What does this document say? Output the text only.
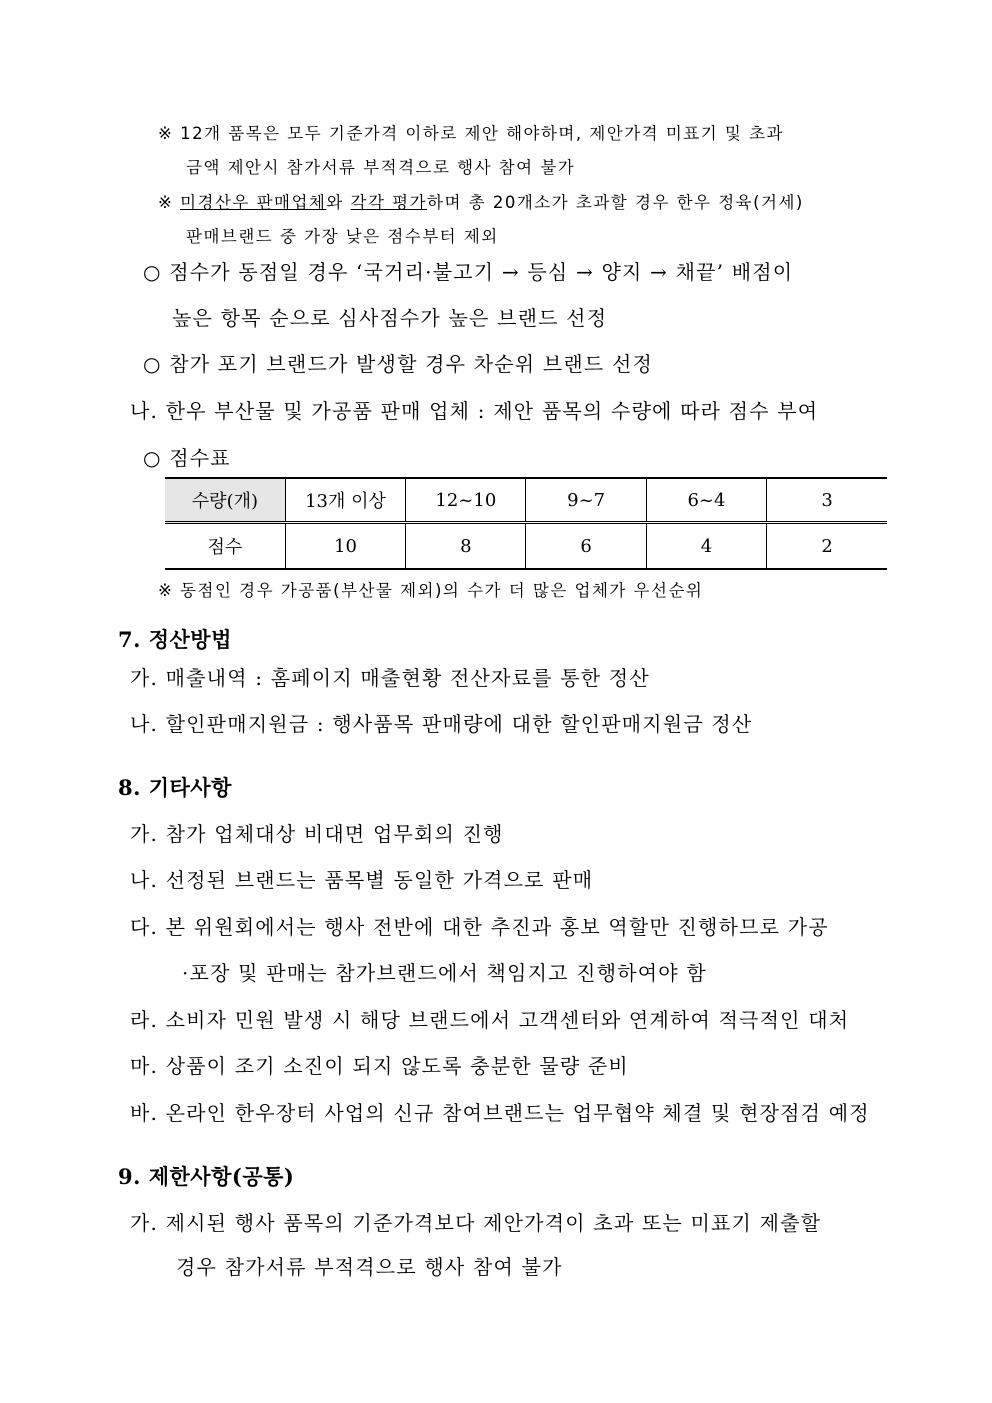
※ 12개 품목은 모두 기준가격 이하로 제안 해야하며, 제안가격 미표기 및 초과
금액 제안시 참가서류 부적격으로 행사 참여 불가
※ 미경산우 판매업체와 각각 평가하며 총 20개소가 초과할 경우 한우 정육(거세)
판매브랜드 중 가장 낮은 점수부터 제외
○ 점수가 동점일 경우 ‘국거리·불고기 → 등심 → 양지 → 채끝’ 배점이
높은 항목 순으로 심사점수가 높은 브랜드 선정
○ 참가 포기 브랜드가 발생할 경우 차순위 브랜드 선정
나. 한우 부산물 및 가공품 판매 업체 : 제안 품목의 수량에 따라 점수 부여
○ 점수표
수량(개)	13개 이상	12~10	9~7	6~4	3
점수	10	8	6	4	2
※ 동점인 경우 가공품(부산물 제외)의 수가 더 많은 업체가 우선순위
7. 정산방법
가. 매출내역 : 홈페이지 매출현황 전산자료를 통한 정산
나. 할인판매지원금 : 행사품목 판매량에 대한 할인판매지원금 정산
8. 기타사항
가. 참가 업체대상 비대면 업무회의 진행
나. 선정된 브랜드는 품목별 동일한 가격으로 판매
다. 본 위원회에서는 행사 전반에 대한 추진과 홍보 역할만 진행하므로 가공
·포장 및 판매는 참가브랜드에서 책임지고 진행하여야 함
라. 소비자 민원 발생 시 해당 브랜드에서 고객센터와 연계하여 적극적인 대처
마. 상품이 조기 소진이 되지 않도록 충분한 물량 준비
바. 온라인 한우장터 사업의 신규 참여브랜드는 업무협약 체결 및 현장점검 예정
9. 제한사항(공통)
가. 제시된 행사 품목의 기준가격보다 제안가격이 초과 또는 미표기 제출할
경우 참가서류 부적격으로 행사 참여 불가
